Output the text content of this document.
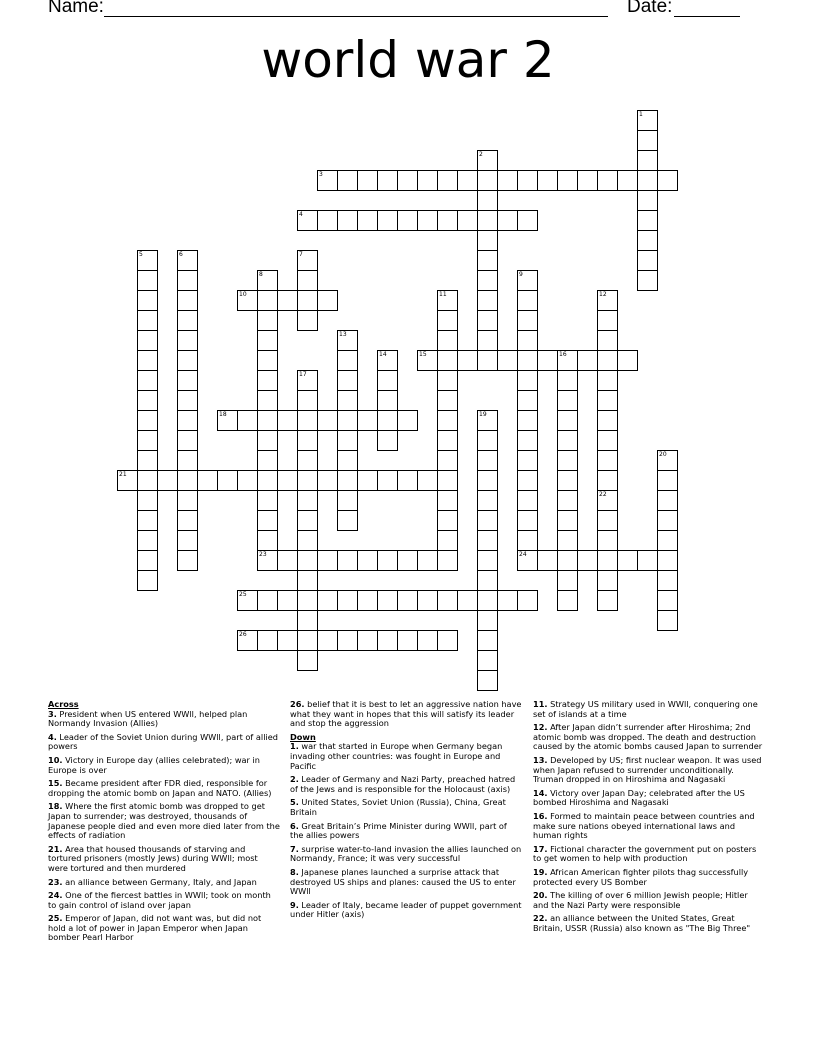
Name:	Date:
world war 2
1
2
3
4
5	6	7
8
23
9
24
10	11	12
22
13
14	15	16
17
18	19
20
21
25
26

Across

3. President when US entered WWll, helped plan Normandy Invasion (Allies)

4. Leader of the Soviet Union during WWll, part of allied powers

10. Victory in Europe day (allies celebrated); war in Europe is over

15. Became president after FDR died, responsible for dropping the atomic bomb on Japan and NATO. (Allies)

18. Where the first atomic bomb was dropped to get Japan to surrender; was destroyed, thousands of Japanese people died and even more died later from the effects of radiation

21. Area that housed thousands of starving and tortured prisoners (mostly Jews) during WWll; most were tortured and then murdered

23. an alliance between Germany, Italy, and Japan

24. One of the fiercest battles in WWll; took on month to gain control of island over japan

25. Emperor of Japan, did not want was, but did not hold a lot of power in Japan Emperor when Japan bomber Pearl Harbor

26. belief that it is best to let an aggressive nation have what they want in hopes that this will satisfy its leader and stop the aggression

Down

1. war that started in Europe when Germany began invading other countries: was fought in Europe and Pacific

2. Leader of Germany and Nazi Party, preached hatred of the Jews and is responsible for the Holocaust (axis)

5. United States, Soviet Union (Russia), China, Great Britain

6. Great Britain’s Prime Minister during WWll, part of the allies powers

7. surprise water-to-land invasion the allies launched on Normandy, France; it was very successful

8. Japanese planes launched a surprise attack that destroyed US ships and planes: caused the US to enter WWll

9. Leader of Italy, became leader of puppet government under Hitler (axis)

11. Strategy US military used in WWll, conquering one set of islands at a time

12. After Japan didn’t surrender after Hiroshima; 2nd atomic bomb was dropped. The death and destruction caused by the atomic bombs caused Japan to surrender

13. Developed by US; first nuclear weapon. It was used when Japan refused to surrender unconditionally. Truman dropped in on Hiroshima and Nagasaki

14. Victory over Japan Day; celebrated after the US bombed Hiroshima and Nagasaki

16. Formed to maintain peace between countries and make sure nations obeyed international laws and human rights

17. Fictional character the government put on posters to get women to help with production

19. African American fighter pilots thag successfully protected every US Bomber

20. The killing of over 6 million Jewish people; Hitler and the Nazi Party were responsible

22. an alliance between the United States, Great Britain, USSR (Russia) also known as "The Big Three"
